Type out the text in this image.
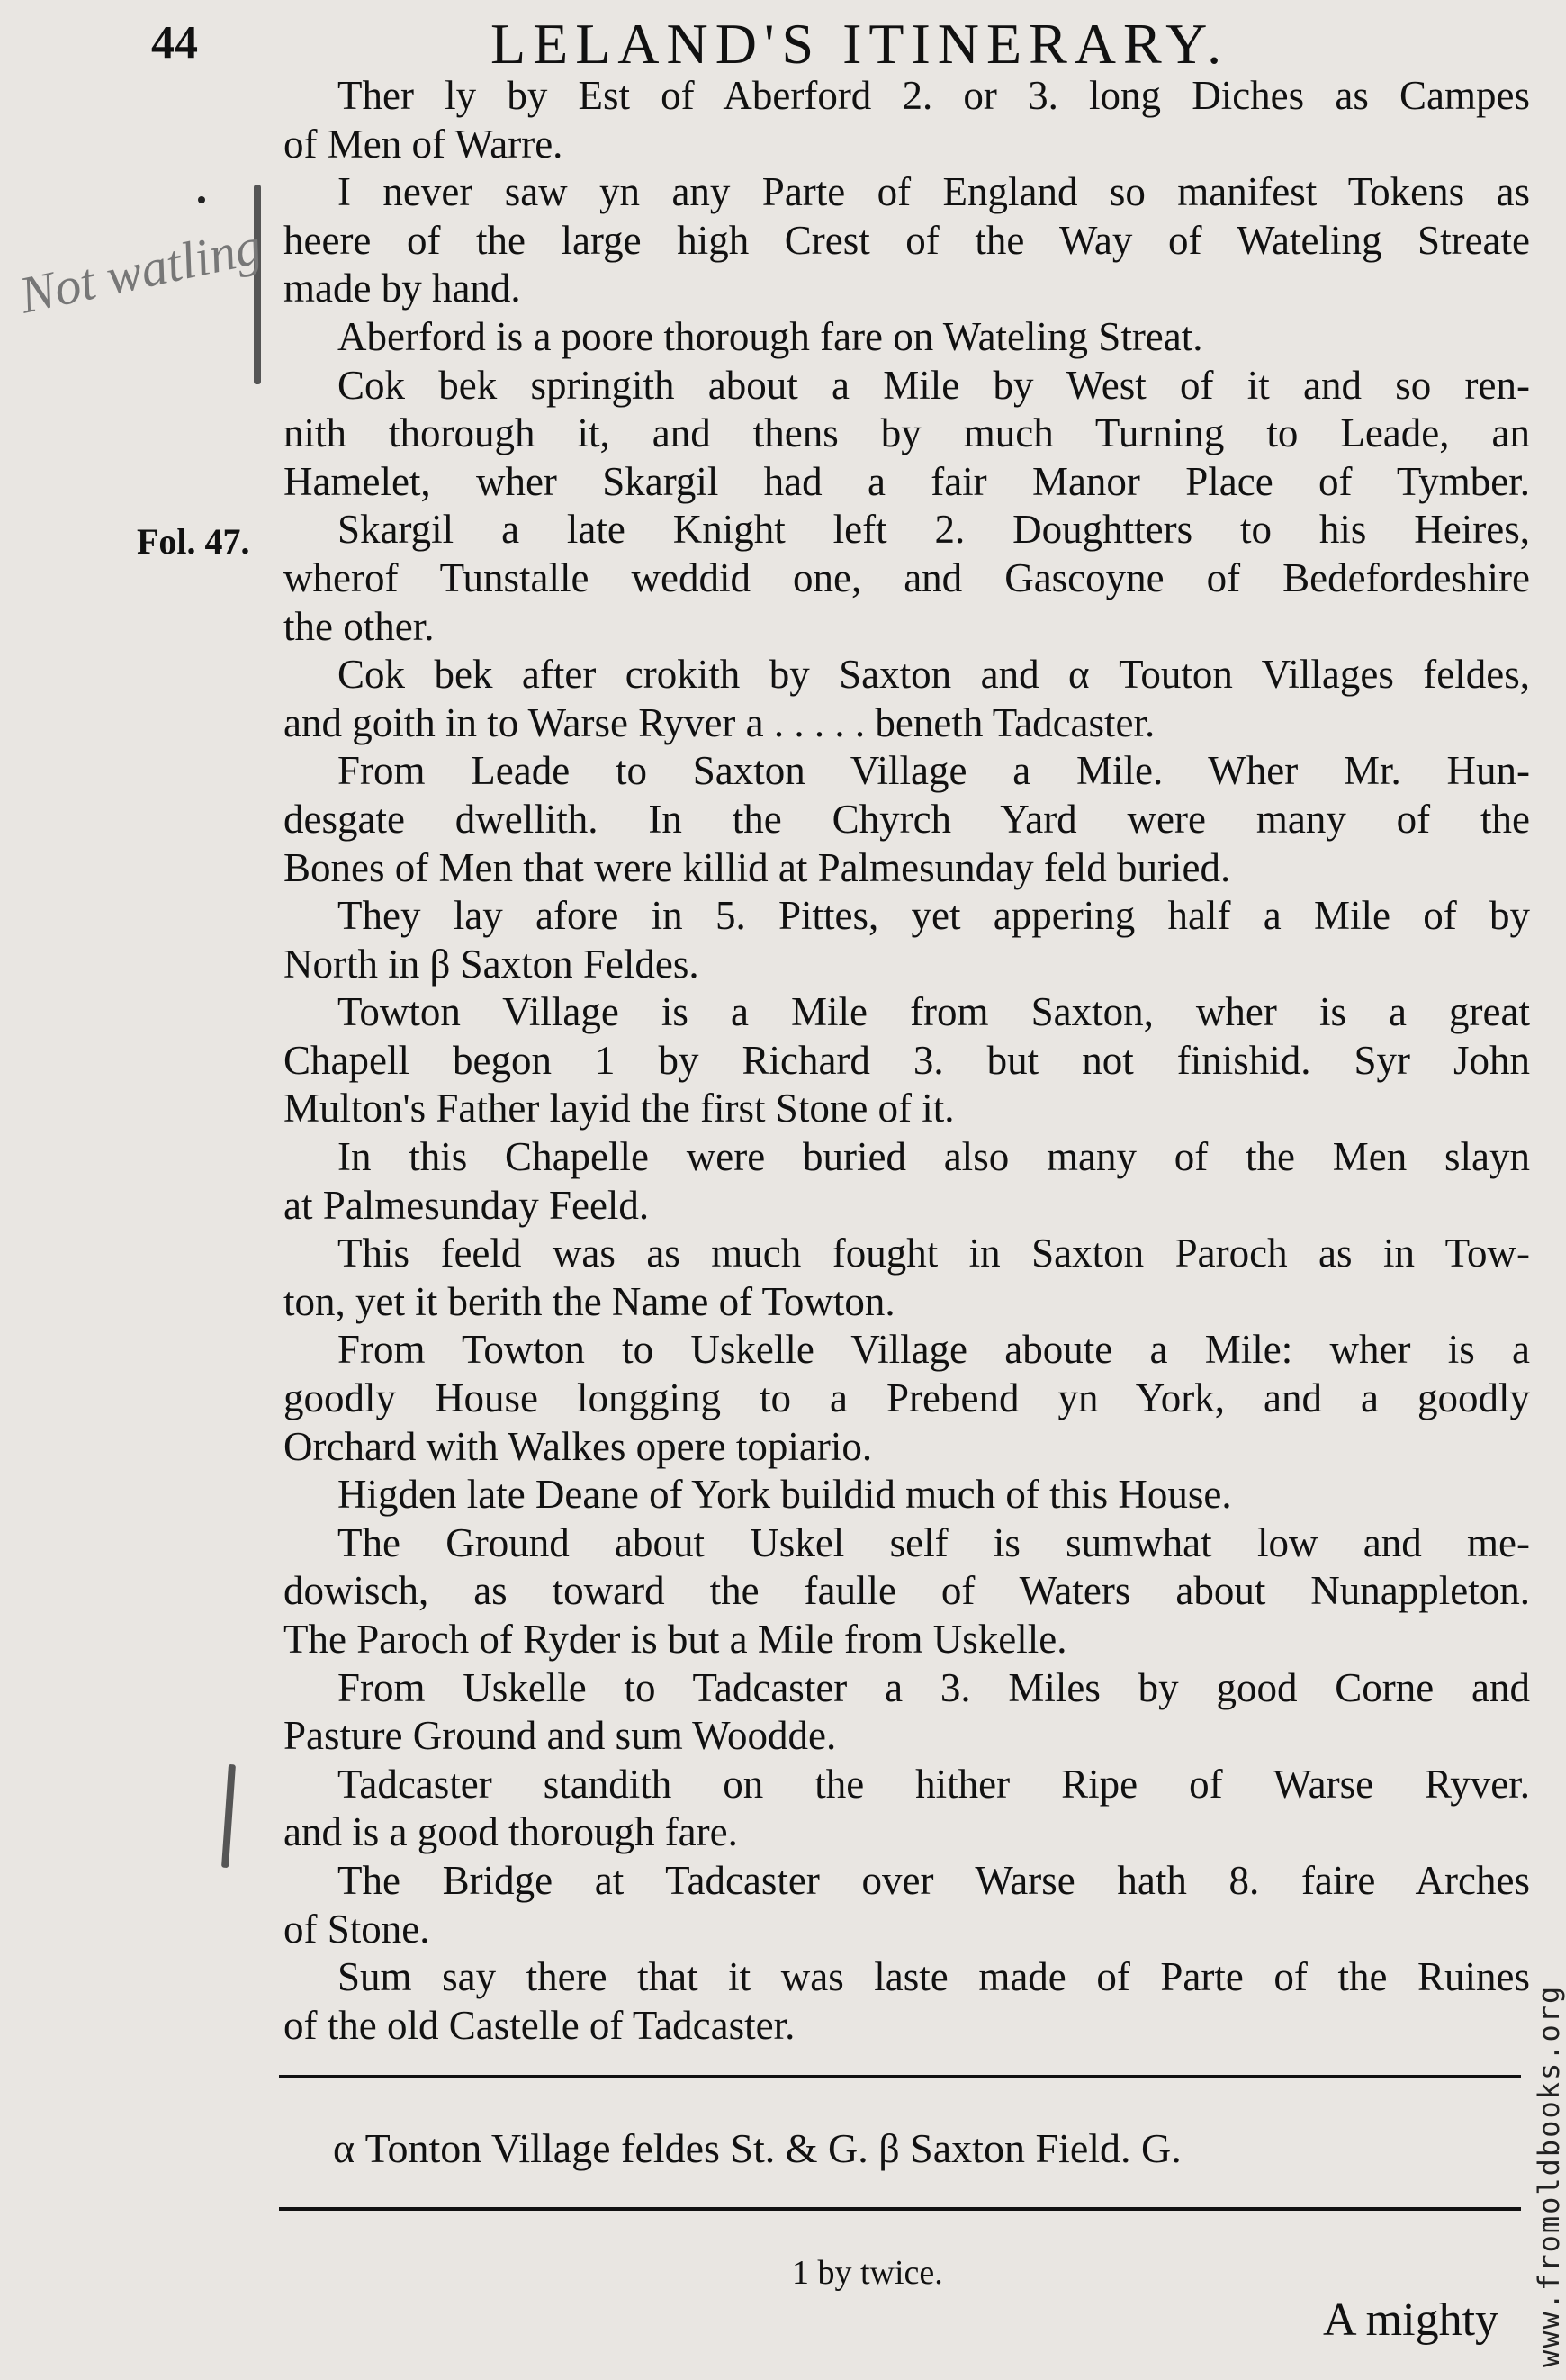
44	LELAND'S ITINERARY.
Not watling
Fol. 47.
Ther ly by Est of Aberford 2. or 3. long Diches as Campes
of Men of Warre.
I never saw yn any Parte of England so manifest Tokens as
heere of the large high Crest of the Way of Wateling Streate
made by hand.
Aberford is a poore thorough fare on Wateling Streat.
Cok bek springith about a Mile by West of it and so ren-
nith thorough it, and thens by much Turning to Leade, an
Hamelet, wher Skargil had a fair Manor Place of Tymber.
Skargil a late Knight left 2. Doughtters to his Heires,
wherof Tunstalle weddid one, and Gascoyne of Bedefordeshire
the other.
Cok bek after crokith by Saxton and α Touton Villages feldes,
and goith in to Warse Ryver a . . . . . beneth Tadcaster.
From Leade to Saxton Village a Mile. Wher Mr. Hun-
desgate dwellith. In the Chyrch Yard were many of the
Bones of Men that were killid at Palmesunday feld buried.
They lay afore in 5. Pittes, yet appering half a Mile of by
North in β Saxton Feldes.
Towton Village is a Mile from Saxton, wher is a great
Chapell begon 1 by Richard 3. but not finishid. Syr John
Multon's Father layid the first Stone of it.
In this Chapelle were buried also many of the Men slayn
at Palmesunday Feeld.
This feeld was as much fought in Saxton Paroch as in Tow-
ton, yet it berith the Name of Towton.
From Towton to Uskelle Village aboute a Mile: wher is a
goodly House longging to a Prebend yn York, and a goodly
Orchard with Walkes opere topiario.
Higden late Deane of York buildid much of this House.
The Ground about Uskel self is sumwhat low and me-
dowisch, as toward the faulle of Waters about Nunappleton.
The Paroch of Ryder is but a Mile from Uskelle.
From Uskelle to Tadcaster a 3. Miles by good Corne and
Pasture Ground and sum Woodde.
Tadcaster standith on the hither Ripe of Warse Ryver.
and is a good thorough fare.
The Bridge at Tadcaster over Warse hath 8. faire Arches
of Stone.
Sum say there that it was laste made of Parte of the Ruines
of the old Castelle of Tadcaster.
α Tonton Village feldes St. & G. β Saxton Field. G.
1 by twice.
A mighty www.fromoldbooks.org
